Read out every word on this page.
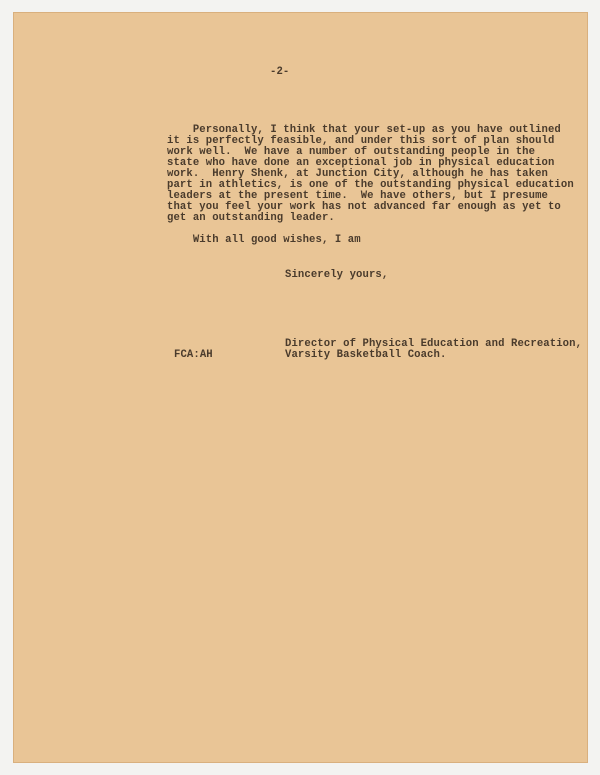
-2-
Personally, I think that your set-up as you have outlined
it is perfectly feasible, and under this sort of plan should
work well.  We have a number of outstanding people in the
state who have done an exceptional job in physical education
work.  Henry Shenk, at Junction City, although he has taken
part in athletics, is one of the outstanding physical education
leaders at the present time.  We have others, but I presume
that you feel your work has not advanced far enough as yet to
get an outstanding leader.
With all good wishes, I am
Sincerely yours,
Director of Physical Education and Recreation,
Varsity Basketball Coach.
FCA:AH
